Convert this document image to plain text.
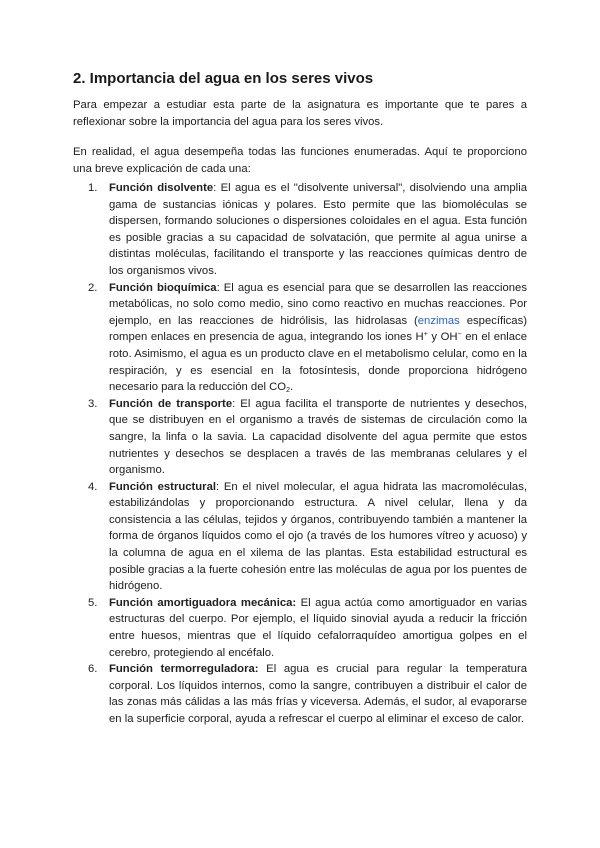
2. Importancia del agua en los seres vivos

Para empezar a estudiar esta parte de la asignatura es importante que te pares a reflexionar sobre la importancia del agua para los seres vivos.

En realidad, el agua desempeña todas las funciones enumeradas. Aquí te proporciono una breve explicación de cada una:

1. Función disolvente: El agua es el "disolvente universal", disolviendo una amplia gama de sustancias iónicas y polares. Esto permite que las biomoléculas se dispersen, formando soluciones o dispersiones coloidales en el agua. Esta función es posible gracias a su capacidad de solvatación, que permite al agua unirse a distintas moléculas, facilitando el transporte y las reacciones químicas dentro de los organismos vivos.
2. Función bioquímica: El agua es esencial para que se desarrollen las reacciones metabólicas, no solo como medio, sino como reactivo en muchas reacciones. Por ejemplo, en las reacciones de hidrólisis, las hidrolasas (enzimas específicas) rompen enlaces en presencia de agua, integrando los iones H+ y OH− en el enlace roto. Asimismo, el agua es un producto clave en el metabolismo celular, como en la respiración, y es esencial en la fotosíntesis, donde proporciona hidrógeno necesario para la reducción del $CO_2$.
3. Función de transporte: El agua facilita el transporte de nutrientes y desechos, que se distribuyen en el organismo a través de sistemas de circulación como la sangre, la linfa o la savia. La capacidad disolvente del agua permite que estos nutrientes y desechos se desplacen a través de las membranas celulares y el organismo.
4. Función estructural: En el nivel molecular, el agua hidrata las macromoléculas, estabilizándolas y proporcionando estructura. A nivel celular, llena y da consistencia a las células, tejidos y órganos, contribuyendo también a mantener la forma de órganos líquidos como el ojo (a través de los humores vítreo y acuoso) y la columna de agua en el xilema de las plantas. Esta estabilidad estructural es posible gracias a la fuerte cohesión entre las moléculas de agua por los puentes de hidrógeno.
5. Función amortiguadora mecánica: El agua actúa como amortiguador en varias estructuras del cuerpo. Por ejemplo, el líquido sinovial ayuda a reducir la fricción entre huesos, mientras que el líquido cefalorraquídeo amortigua golpes en el cerebro, protegiendo al encéfalo.
6. Función termorreguladora: El agua es crucial para regular la temperatura corporal. Los líquidos internos, como la sangre, contribuyen a distribuir el calor de las zonas más cálidas a las más frías y viceversa. Además, el sudor, al evaporarse en la superficie corporal, ayuda a refrescar el cuerpo al eliminar el exceso de calor.
